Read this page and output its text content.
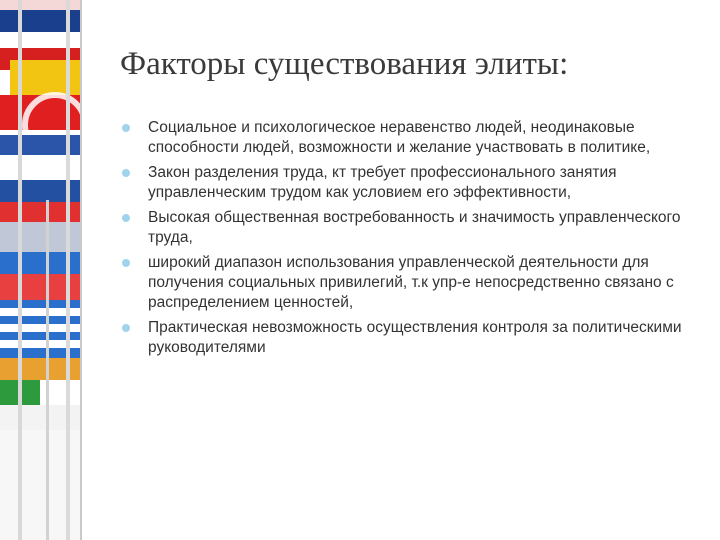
Факторы существования элиты:
Социальное и психологическое неравенство людей, неодинаковые способности людей, возможности и желание участвовать в политике,
Закон разделения труда, кт требует профессионального занятия управленческим трудом как условием его эффективности,
Высокая общественная востребованность и значимость управленческого труда,
широкий диапазон использования управленческой деятельности для получения социальных привилегий, т.к упр-е непосредственно связано с распределением ценностей,
Практическая невозможность осуществления контроля за политическими руководителями
